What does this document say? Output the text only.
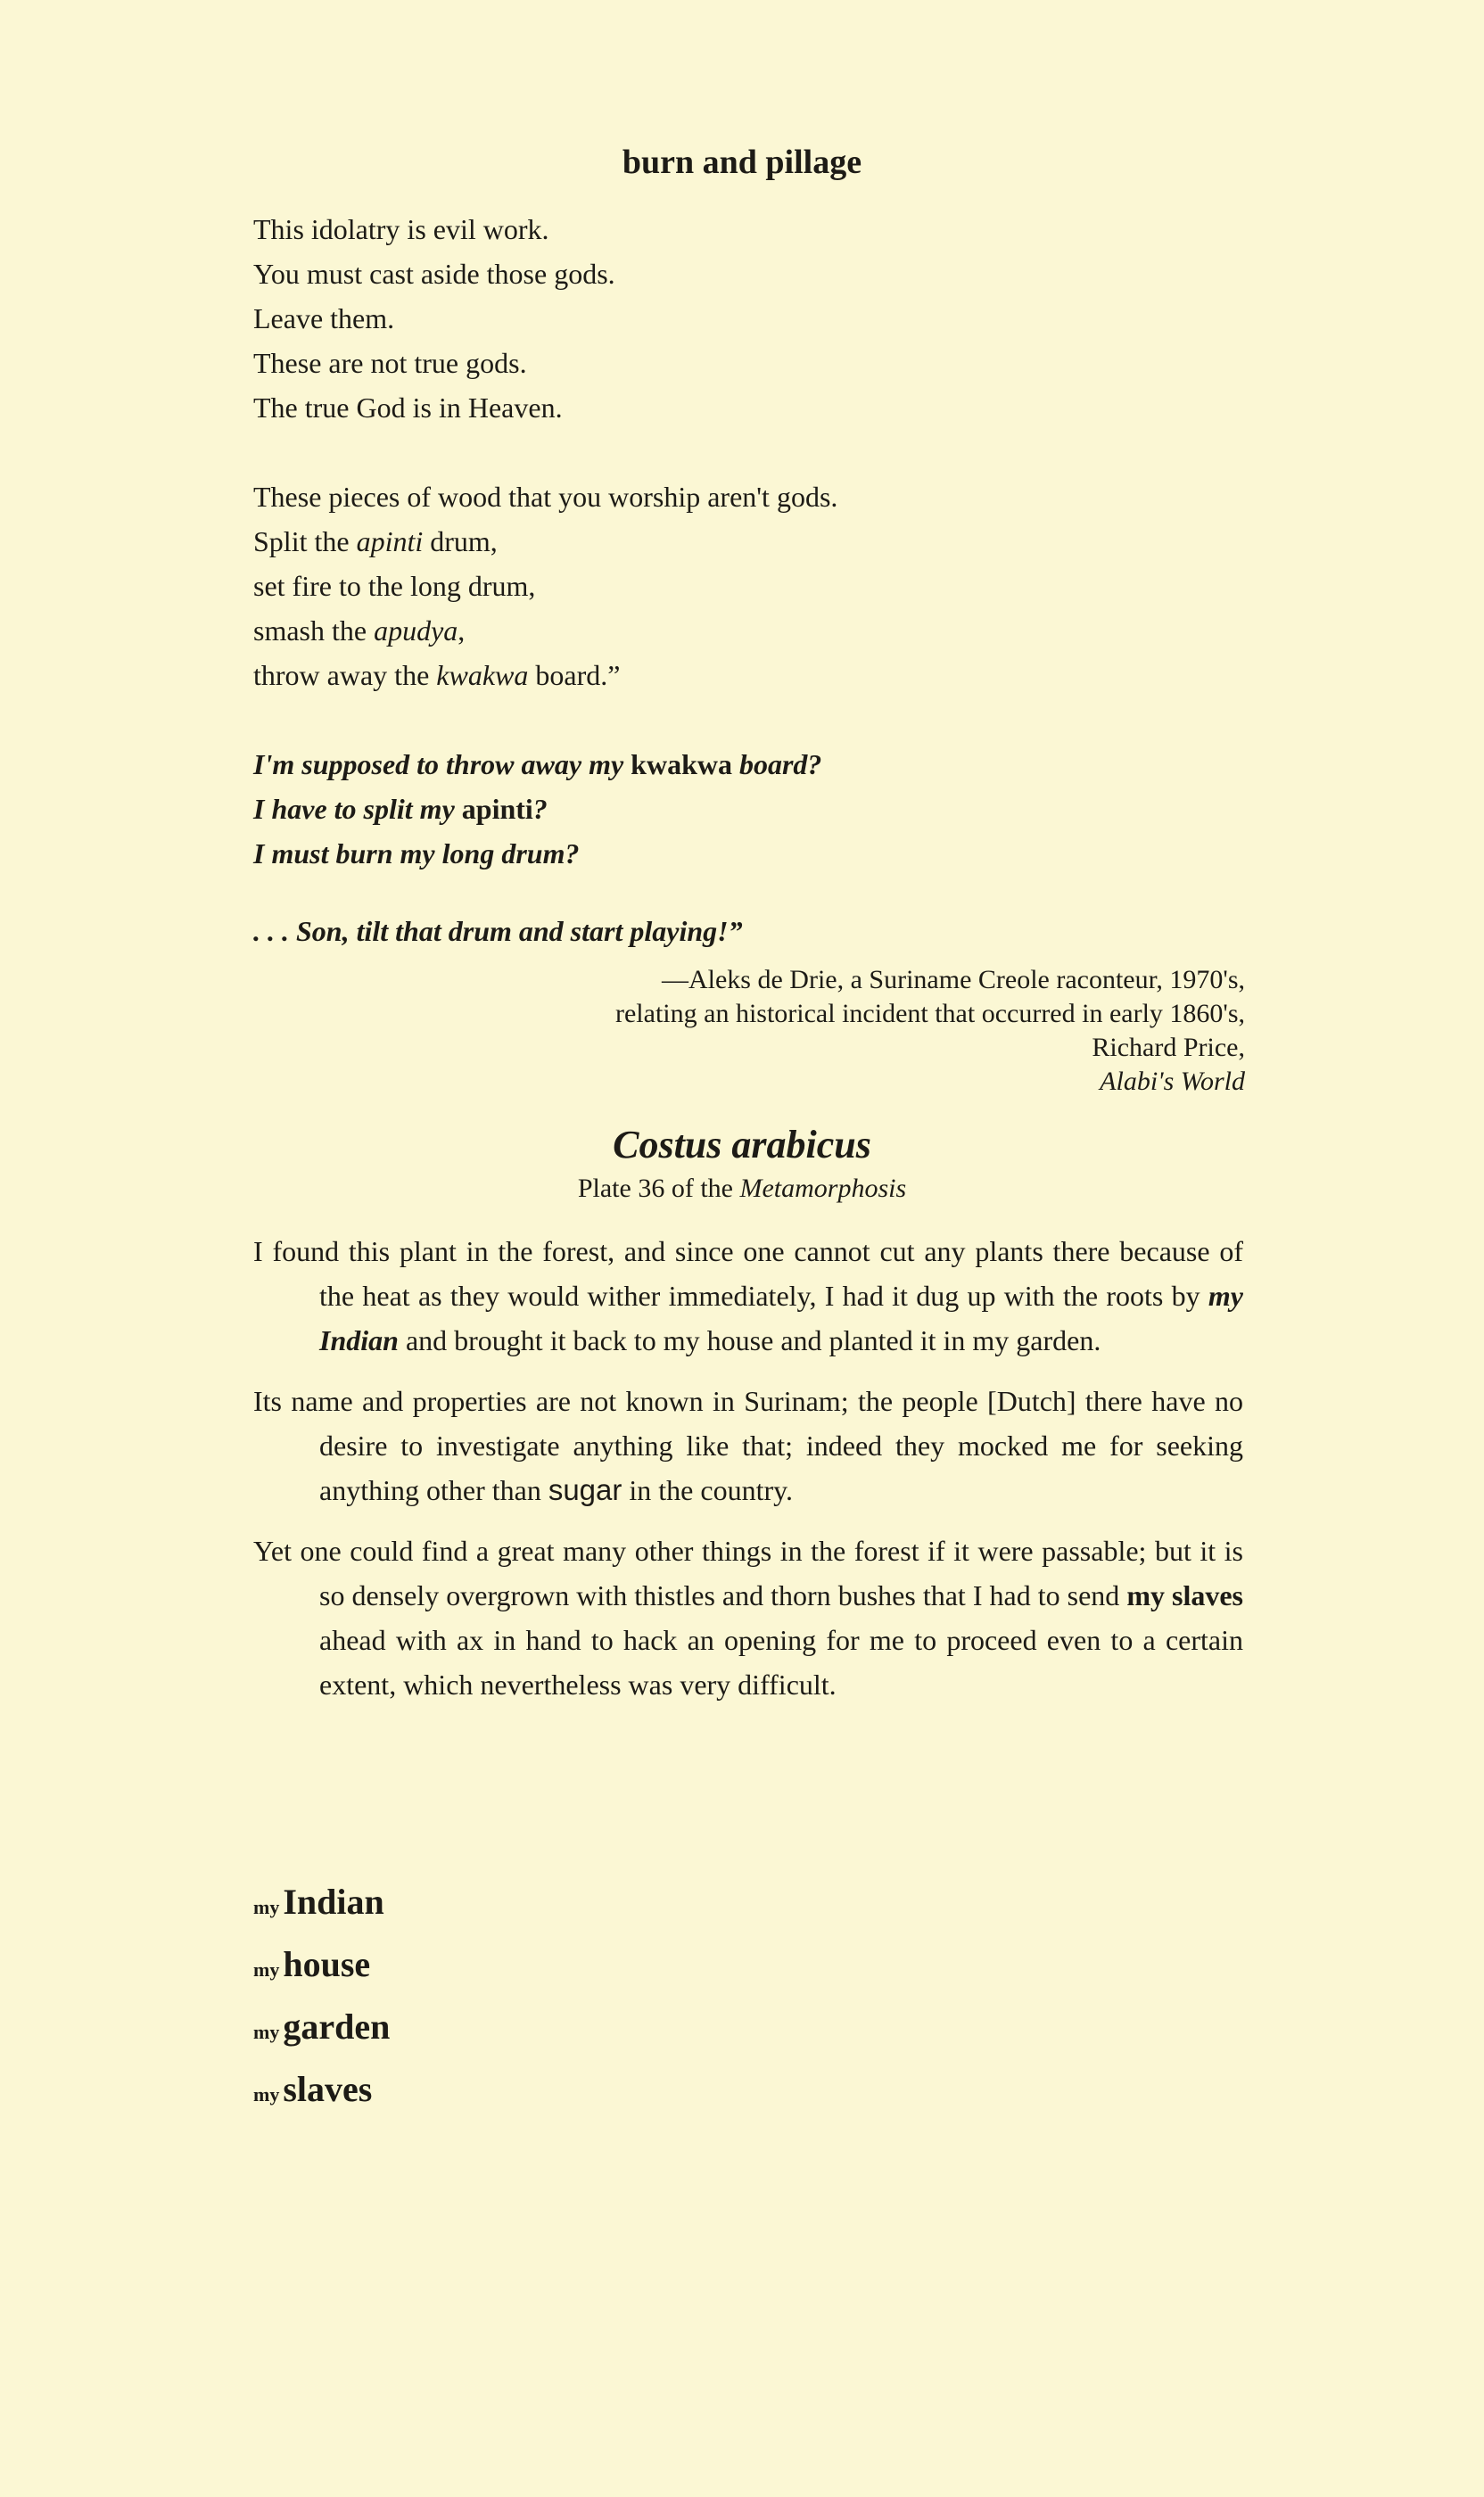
burn and pillage
This idolatry is evil work.
You must cast aside those gods.
Leave them.
These are not true gods.
The true God is in Heaven.
These pieces of wood that you worship aren't gods.
Split the apinti drum,
set fire to the long drum,
smash the apudya,
throw away the kwakwa board.”
I'm supposed to throw away my kwakwa board?
I have to split my apinti?
I must burn my long drum?
. . . Son, tilt that drum and start playing!”
—Aleks de Drie, a Suriname Creole raconteur, 1970's,
relating an historical incident that occurred in early 1860's,
Richard Price,
Alabi's World
Costus arabicus
Plate 36 of the Metamorphosis

I found this plant in the forest, and since one cannot cut any plants there because of the heat as they would wither immediately, I had it dug up with the roots by my Indian and brought it back to my house and planted it in my garden.

Its name and properties are not known in Surinam; the people [Dutch] there have no desire to investigate anything like that; indeed they mocked me for seeking anything other than sugar in the country.

Yet one could find a great many other things in the forest if it were passable; but it is so densely overgrown with thistles and thorn bushes that I had to send my slaves ahead with ax in hand to hack an opening for me to proceed even to a certain extent, which nevertheless was very difficult.

my Indian
my house
my garden
my slaves
